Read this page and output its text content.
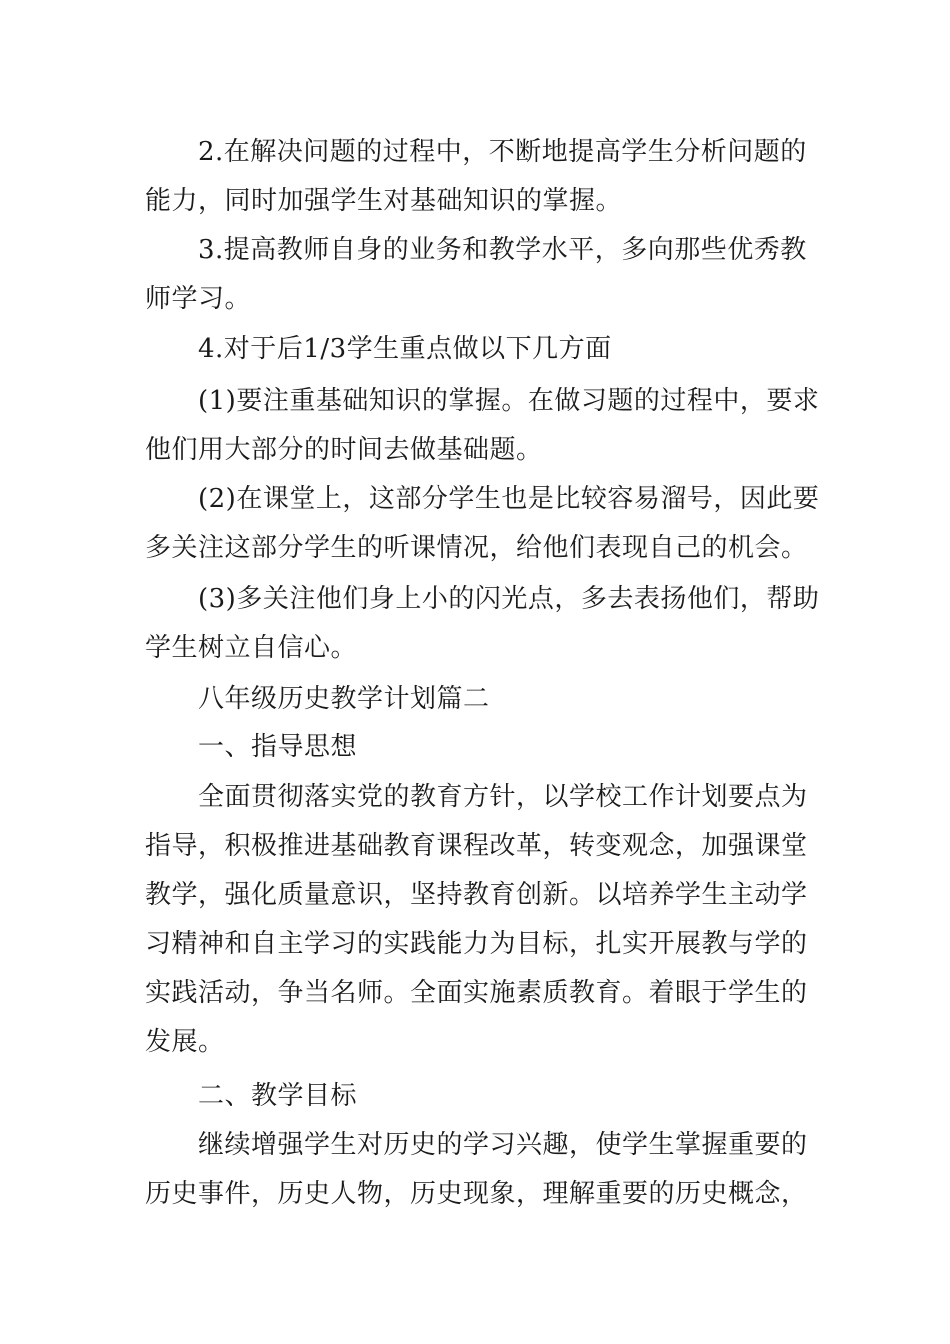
2.在解决问题的过程中，不断地提高学生分析问题的
能力，同时加强学生对基础知识的掌握。
3.提高教师自身的业务和教学水平，多向那些优秀教
师学习。
4.对于后1/3学生重点做以下几方面
(1)要注重基础知识的掌握。在做习题的过程中，要求
他们用大部分的时间去做基础题。
(2)在课堂上，这部分学生也是比较容易溜号，因此要
多关注这部分学生的听课情况，给他们表现自己的机会。
(3)多关注他们身上小的闪光点，多去表扬他们，帮助
学生树立自信心。
八年级历史教学计划篇二
一、指导思想
全面贯彻落实党的教育方针，以学校工作计划要点为
指导，积极推进基础教育课程改革，转变观念，加强课堂
教学，强化质量意识，坚持教育创新。以培养学生主动学
习精神和自主学习的实践能力为目标，扎实开展教与学的
实践活动，争当名师。全面实施素质教育。着眼于学生的
发展。
二、教学目标
继续增强学生对历史的学习兴趣，使学生掌握重要的
历史事件，历史人物，历史现象，理解重要的历史概念，
